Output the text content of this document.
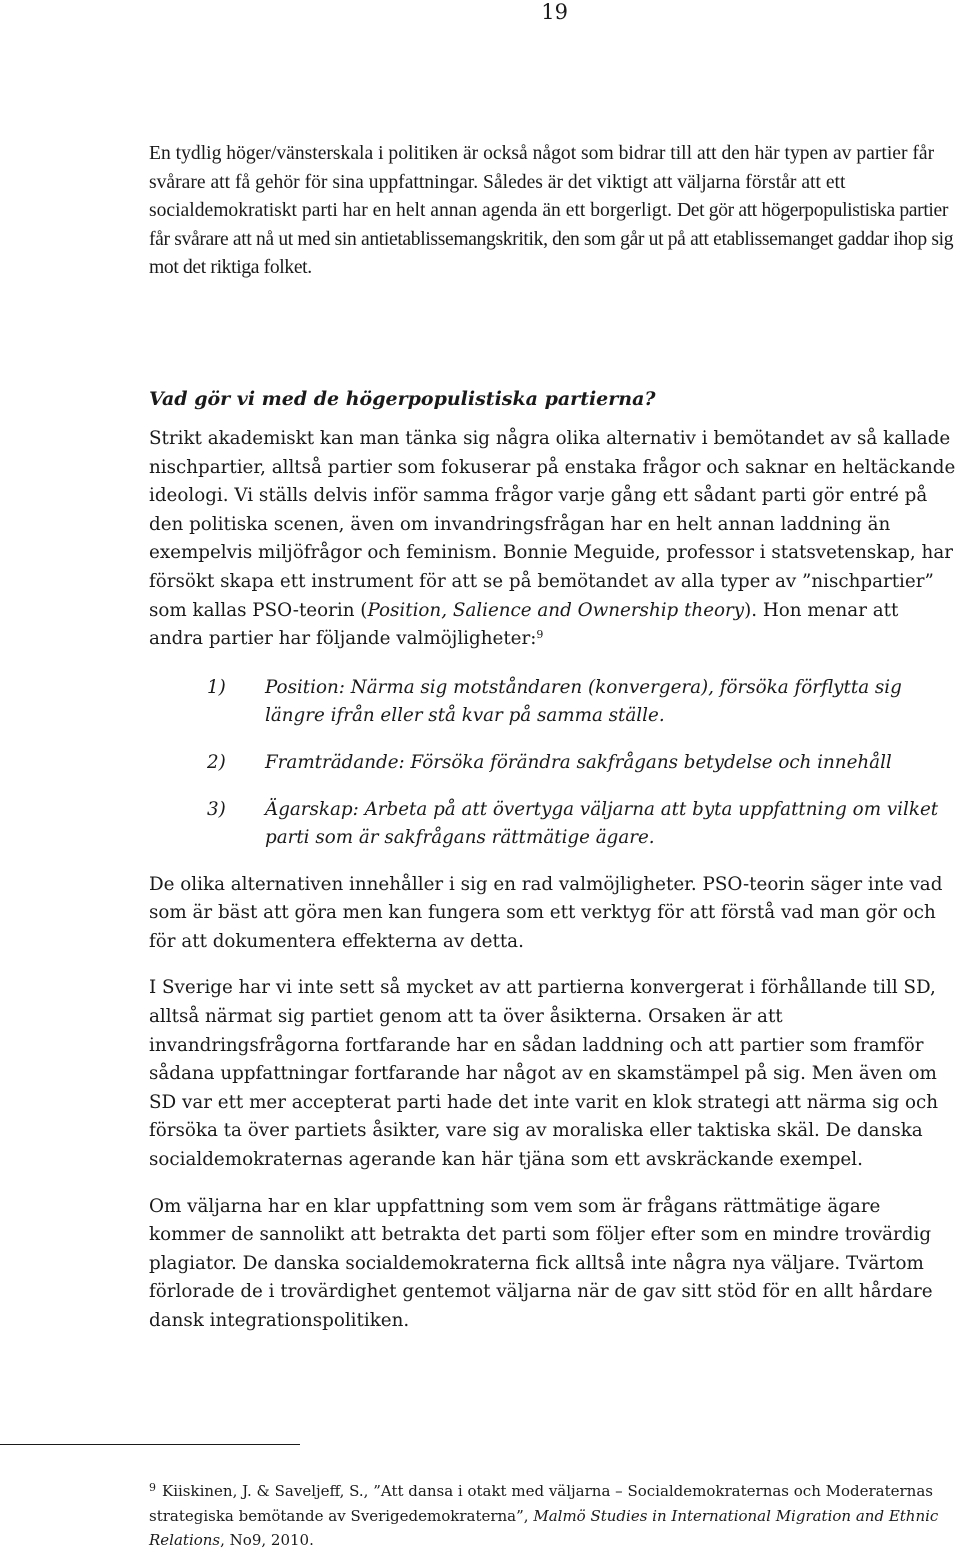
19

En tydlig höger/vänsterskala i politiken är också något som bidrar till att den här typen av partier får svårare att få gehör för sina uppfattningar. Således är det viktigt att väljarna förstår att ett socialdemokratiskt parti har en helt annan agenda än ett borgerligt. Det gör att högerpopulistiska partier får svårare att nå ut med sin antietablissemangskritik, den som går ut på att etablissemanget gaddar ihop sig mot det riktiga folket.

Vad gör vi med de högerpopulistiska partierna?

Strikt akademiskt kan man tänka sig några olika alternativ i bemötandet av så kallade nischpartier, alltså partier som fokuserar på enstaka frågor och saknar en heltäckande ideologi. Vi ställs delvis inför samma frågor varje gång ett sådant parti gör entré på den politiska scenen, även om invandringsfrågan har en helt annan laddning än exempelvis miljöfrågor och feminism. Bonnie Meguide, professor i statsvetenskap, har försökt skapa ett instrument för att se på bemötandet av alla typer av ”nischpartier” som kallas PSO-teorin (Position, Salience and Ownership theory). Hon menar att andra partier har följande valmöjligheter:$^9$

1) Position: Närma sig motståndaren (konvergera), försöka förflytta sig längre ifrån eller stå kvar på samma ställe.
2) Framträdande: Försöka förändra sakfrågans betydelse och innehåll
3) Ägarskap: Arbeta på att övertyga väljarna att byta uppfattning om vilket parti som är sakfrågans rättmätige ägare.

De olika alternativen innehåller i sig en rad valmöjligheter. PSO-teorin säger inte vad som är bäst att göra men kan fungera som ett verktyg för att förstå vad man gör och för att dokumentera effekterna av detta.

I Sverige har vi inte sett så mycket av att partierna konvergerat i förhållande till SD, alltså närmat sig partiet genom att ta över åsikterna. Orsaken är att invandringsfrågorna fortfarande har en sådan laddning och att partier som framför sådana uppfattningar fortfarande har något av en skamstämpel på sig. Men även om SD var ett mer accepterat parti hade det inte varit en klok strategi att närma sig och försöka ta över partiets åsikter, vare sig av moraliska eller taktiska skäl. De danska socialdemokraternas agerande kan här tjäna som ett avskräckande exempel.

Om väljarna har en klar uppfattning som vem som är frågans rättmätige ägare kommer de sannolikt att betrakta det parti som följer efter som en mindre trovärdig plagiator. De danska socialdemokraterna fick alltså inte några nya väljare. Tvärtom förlorade de i trovärdighet gentemot väljarna när de gav sitt stöd för en allt hårdare dansk integrationspolitiken.

$^9$ Kiiskinen, J. & Saveljeff, S., ”Att dansa i otakt med väljarna – Socialdemokraternas och Moderaternas strategiska bemötande av Sverigedemokraterna”, Malmö Studies in International Migration and Ethnic Relations, No9, 2010.
